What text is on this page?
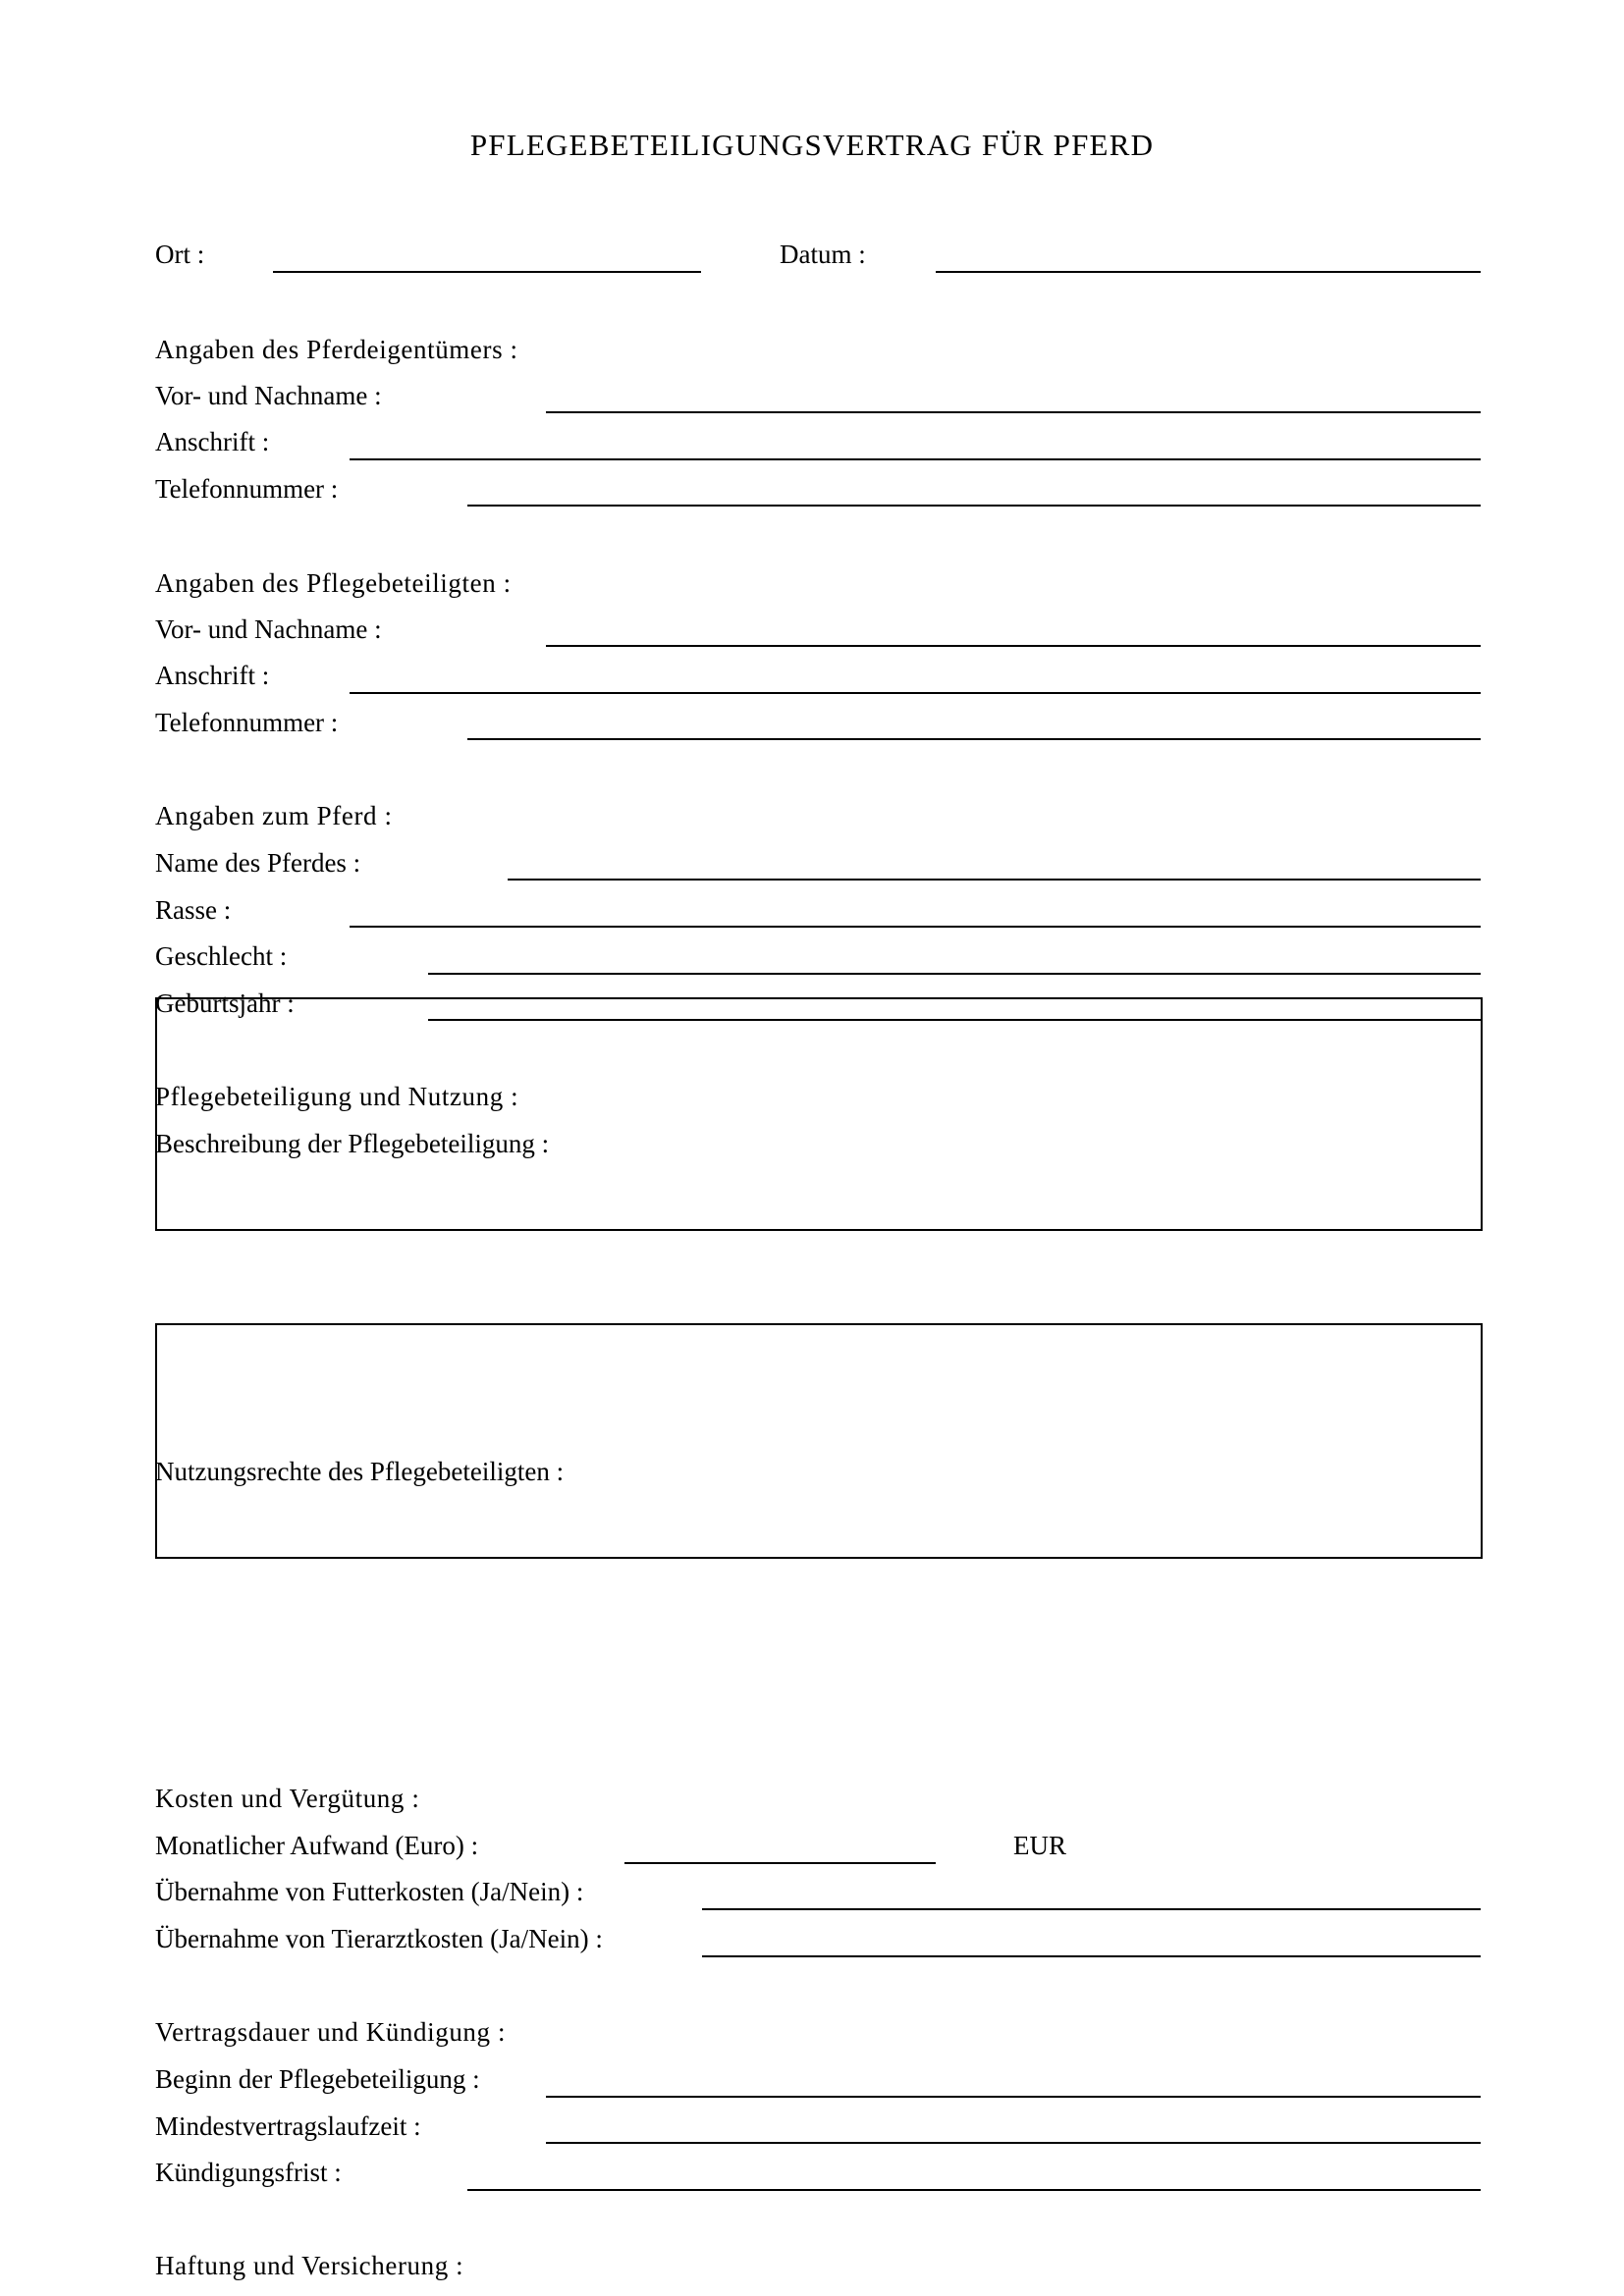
PFLEGEBETEILIGUNGSVERTRAG FÜR PFERD
Ort :	Datum :
Angaben des Pferdeigentümers :
Vor- und Nachname :
Anschrift :
Telefonnummer :
Angaben des Pflegebeteiligten :
Vor- und Nachname :
Anschrift :
Telefonnummer :
Angaben zum Pferd :
Name des Pferdes :
Rasse :
Geschlecht :
Geburtsjahr :
Pflegebeteiligung und Nutzung :
Beschreibung der Pflegebeteiligung :
Nutzungsrechte des Pflegebeteiligten :
Kosten und Vergütung :
Monatlicher Aufwand (Euro) :	EUR
Übernahme von Futterkosten (Ja/Nein) :
Übernahme von Tierarztkosten (Ja/Nein) :
Vertragsdauer und Kündigung :
Beginn der Pflegebeteiligung :
Mindestvertragslaufzeit :
Kündigungsfrist :
Haftung und Versicherung :
